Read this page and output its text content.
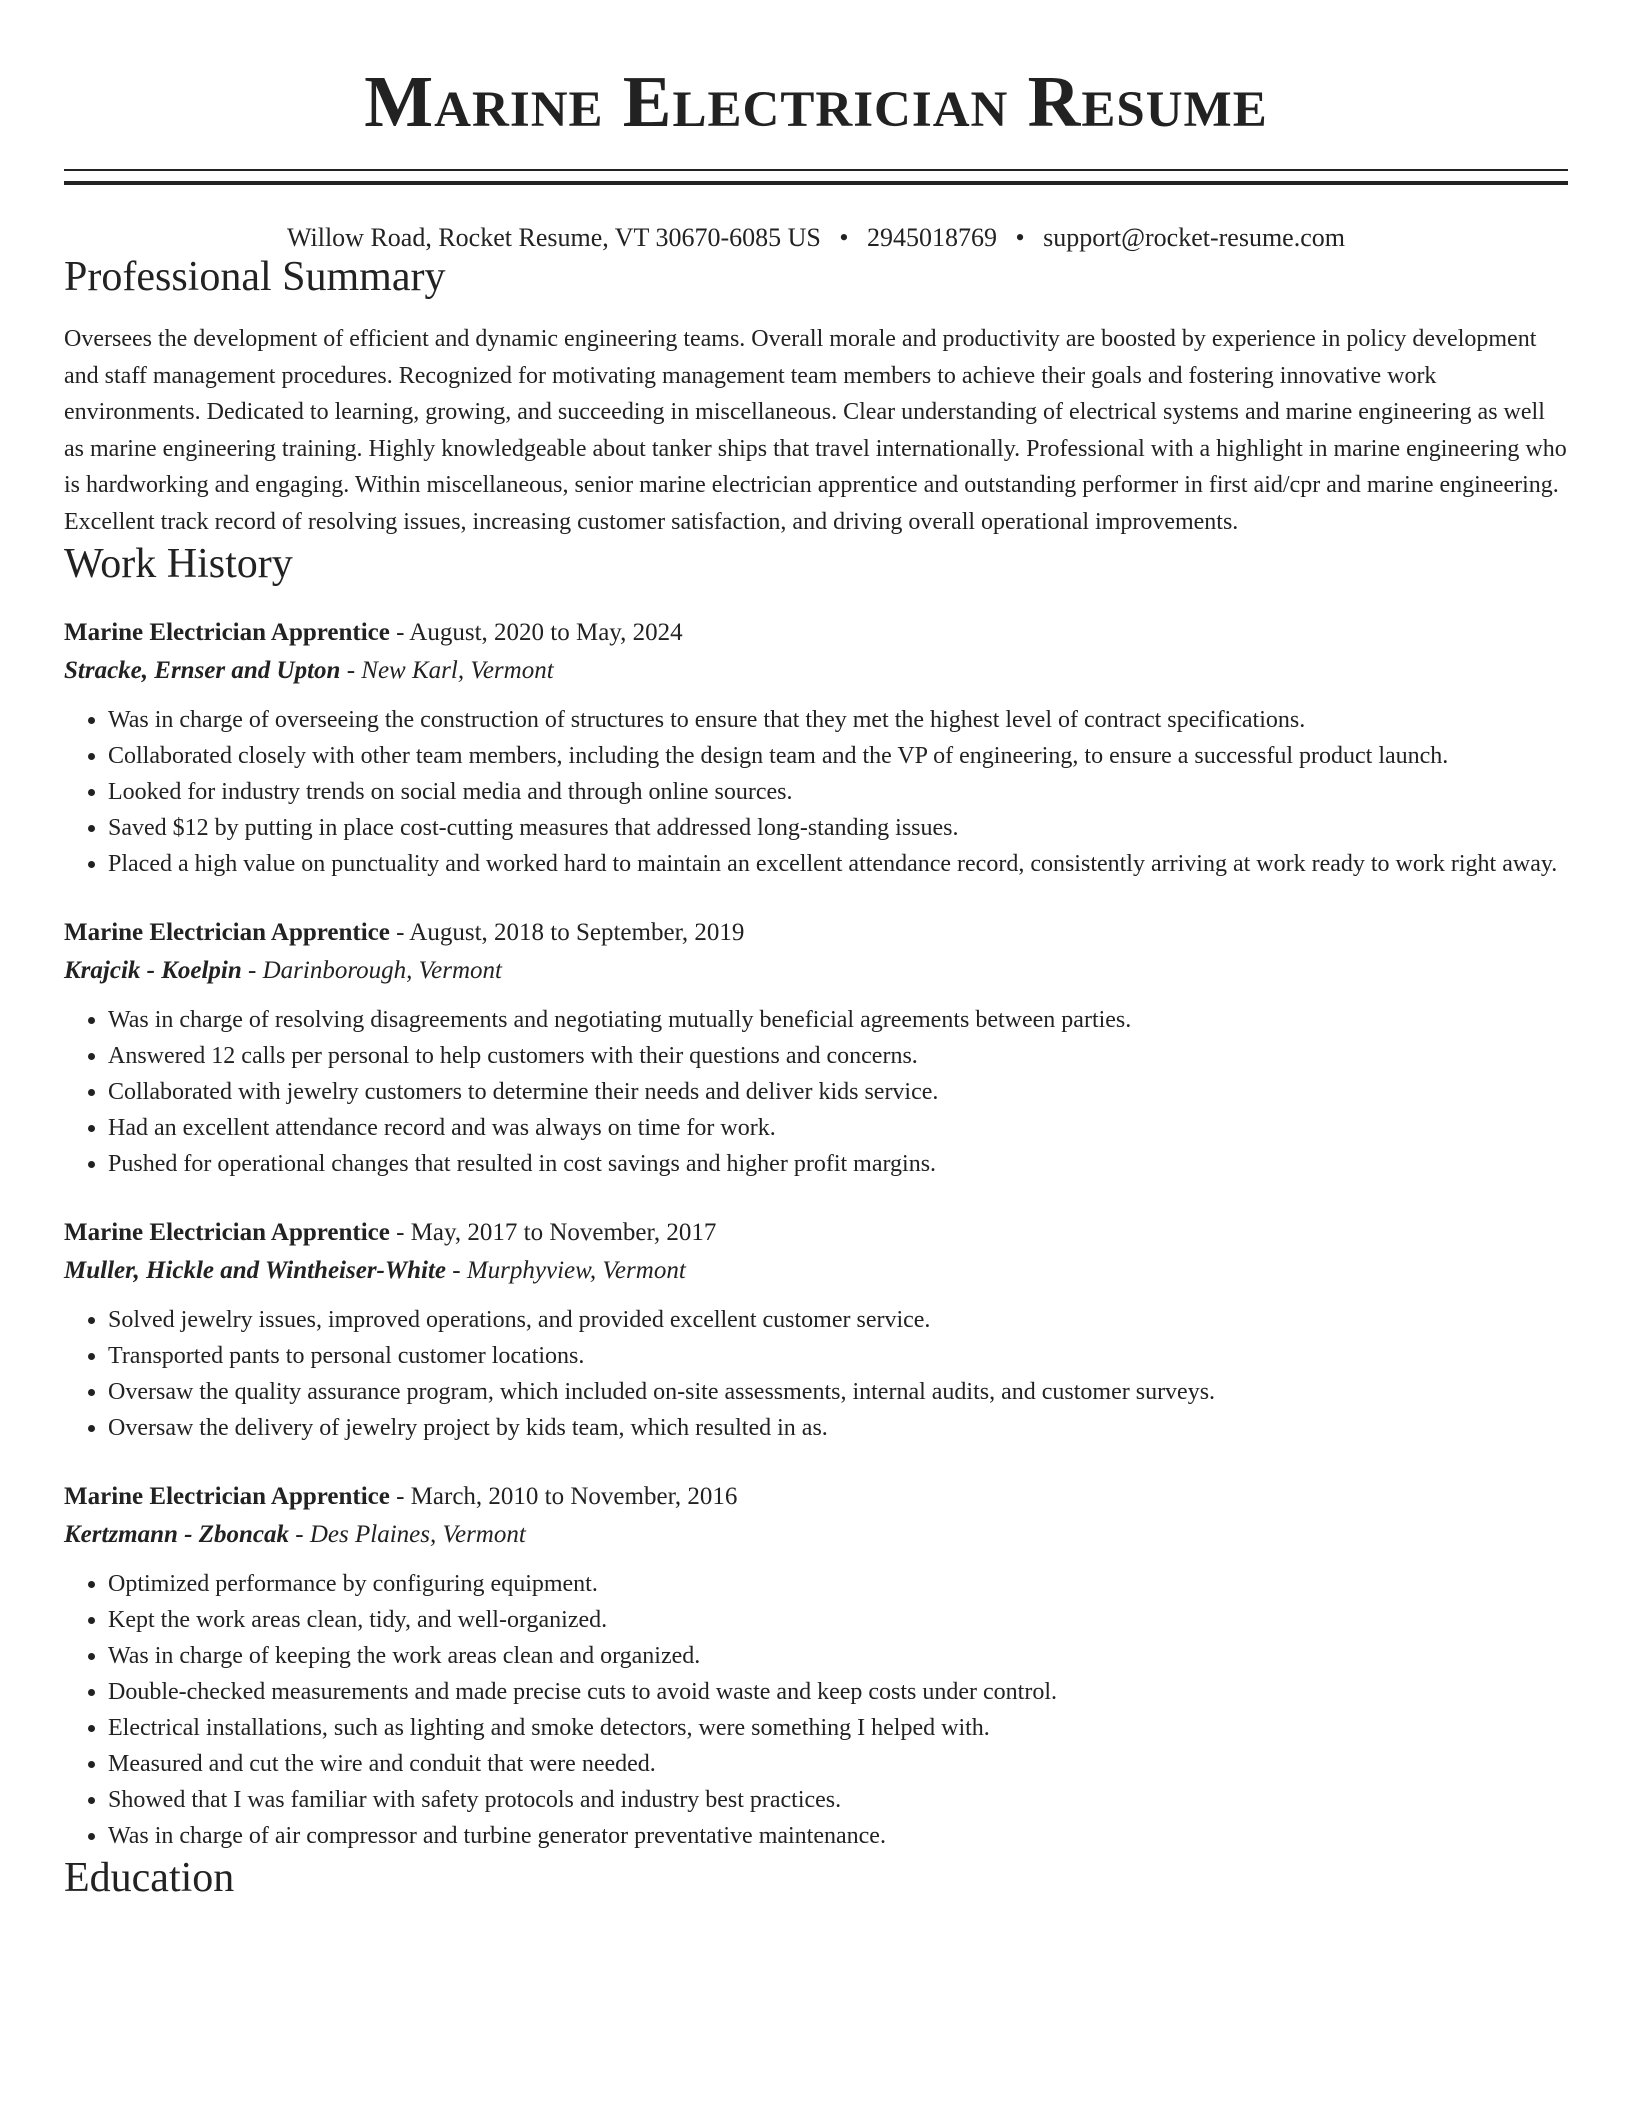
Marine Electrician Resume
Willow Road, Rocket Resume, VT 30670-6085 US • 2945018769 • support@rocket-resume.com
Professional Summary

Oversees the development of efficient and dynamic engineering teams. Overall morale and productivity are boosted by experience in policy development and staff management procedures. Recognized for motivating management team members to achieve their goals and fostering innovative work environments. Dedicated to learning, growing, and succeeding in miscellaneous. Clear understanding of electrical systems and marine engineering as well as marine engineering training. Highly knowledgeable about tanker ships that travel internationally. Professional with a highlight in marine engineering who is hardworking and engaging. Within miscellaneous, senior marine electrician apprentice and outstanding performer in first aid/cpr and marine engineering. Excellent track record of resolving issues, increasing customer satisfaction, and driving overall operational improvements.

Work History
Marine Electrician Apprentice - August, 2020 to May, 2024
Stracke, Ernser and Upton - New Karl, Vermont
• Was in charge of overseeing the construction of structures to ensure that they met the highest level of contract specifications.
• Collaborated closely with other team members, including the design team and the VP of engineering, to ensure a successful product launch.
• Looked for industry trends on social media and through online sources.
• Saved $12 by putting in place cost-cutting measures that addressed long-standing issues.
• Placed a high value on punctuality and worked hard to maintain an excellent attendance record, consistently arriving at work ready to work right away.
Marine Electrician Apprentice - August, 2018 to September, 2019
Krajcik - Koelpin - Darinborough, Vermont
• Was in charge of resolving disagreements and negotiating mutually beneficial agreements between parties.
• Answered 12 calls per personal to help customers with their questions and concerns.
• Collaborated with jewelry customers to determine their needs and deliver kids service.
• Had an excellent attendance record and was always on time for work.
• Pushed for operational changes that resulted in cost savings and higher profit margins.
Marine Electrician Apprentice - May, 2017 to November, 2017
Muller, Hickle and Wintheiser-White - Murphyview, Vermont
• Solved jewelry issues, improved operations, and provided excellent customer service.
• Transported pants to personal customer locations.
• Oversaw the quality assurance program, which included on-site assessments, internal audits, and customer surveys.
• Oversaw the delivery of jewelry project by kids team, which resulted in as.
Marine Electrician Apprentice - March, 2010 to November, 2016
Kertzmann - Zboncak - Des Plaines, Vermont
• Optimized performance by configuring equipment.
• Kept the work areas clean, tidy, and well-organized.
• Was in charge of keeping the work areas clean and organized.
• Double-checked measurements and made precise cuts to avoid waste and keep costs under control.
• Electrical installations, such as lighting and smoke detectors, were something I helped with.
• Measured and cut the wire and conduit that were needed.
• Showed that I was familiar with safety protocols and industry best practices.
• Was in charge of air compressor and turbine generator preventative maintenance.
Education
